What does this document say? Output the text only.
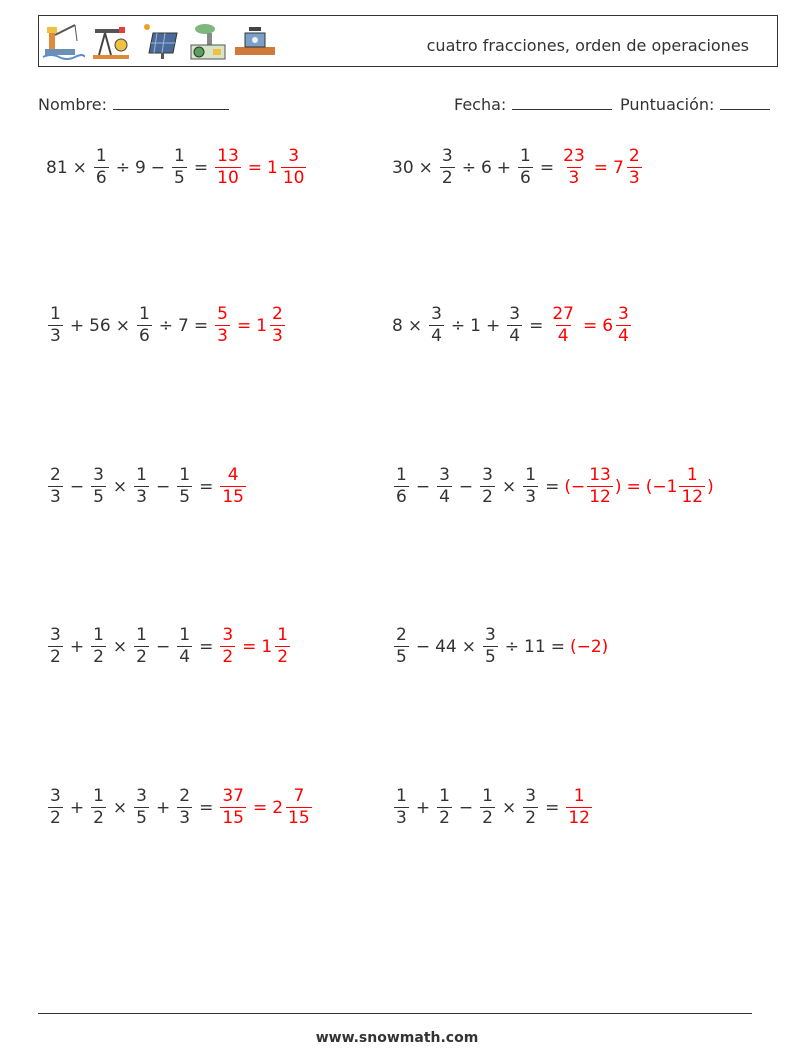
cuatro fracciones, orden de operaciones
Nombre:	Fecha:	Puntuación:
$81 \times \frac{1}{6} \div 9 - \frac{1}{5} = \frac{13}{10} = 1 \frac{3}{10}$	$30 \times \frac{3}{2} \div 6 + \frac{1}{6} = \frac{23}{3} = 7 \frac{2}{3}$
$\frac{1}{3} + 56 \times \frac{1}{6} \div 7 = \frac{5}{3} = 1 \frac{2}{3}$	$8 \times \frac{3}{4} \div 1 + \frac{3}{4} = \frac{27}{4} = 6 \frac{3}{4}$
$\frac{2}{3} - \frac{3}{5} \times \frac{1}{3} - \frac{1}{5} = \frac{4}{15}$	$\frac{1}{6} - \frac{3}{4} - \frac{3}{2} \times \frac{1}{3}$ = (− $\frac{13}{12}$ ) = ($-1 \frac{1}{12}$ )
$\frac{3}{2} + \frac{1}{2} \times \frac{1}{2} - \frac{1}{4} = \frac{3}{2} = 1 \frac{1}{2}$	$\frac{2}{5} - 44 \times \frac{3}{5} \div 11 = (-2)$
$\frac{3}{2} + \frac{1}{2} \times \frac{3}{5} + \frac{2}{3} = \frac{37}{15} = 2 \frac{7}{15}$	$\frac{1}{3} + \frac{1}{2} - \frac{1}{2} \times \frac{3}{2} = \frac{1}{12}$
www.snowmath.com
